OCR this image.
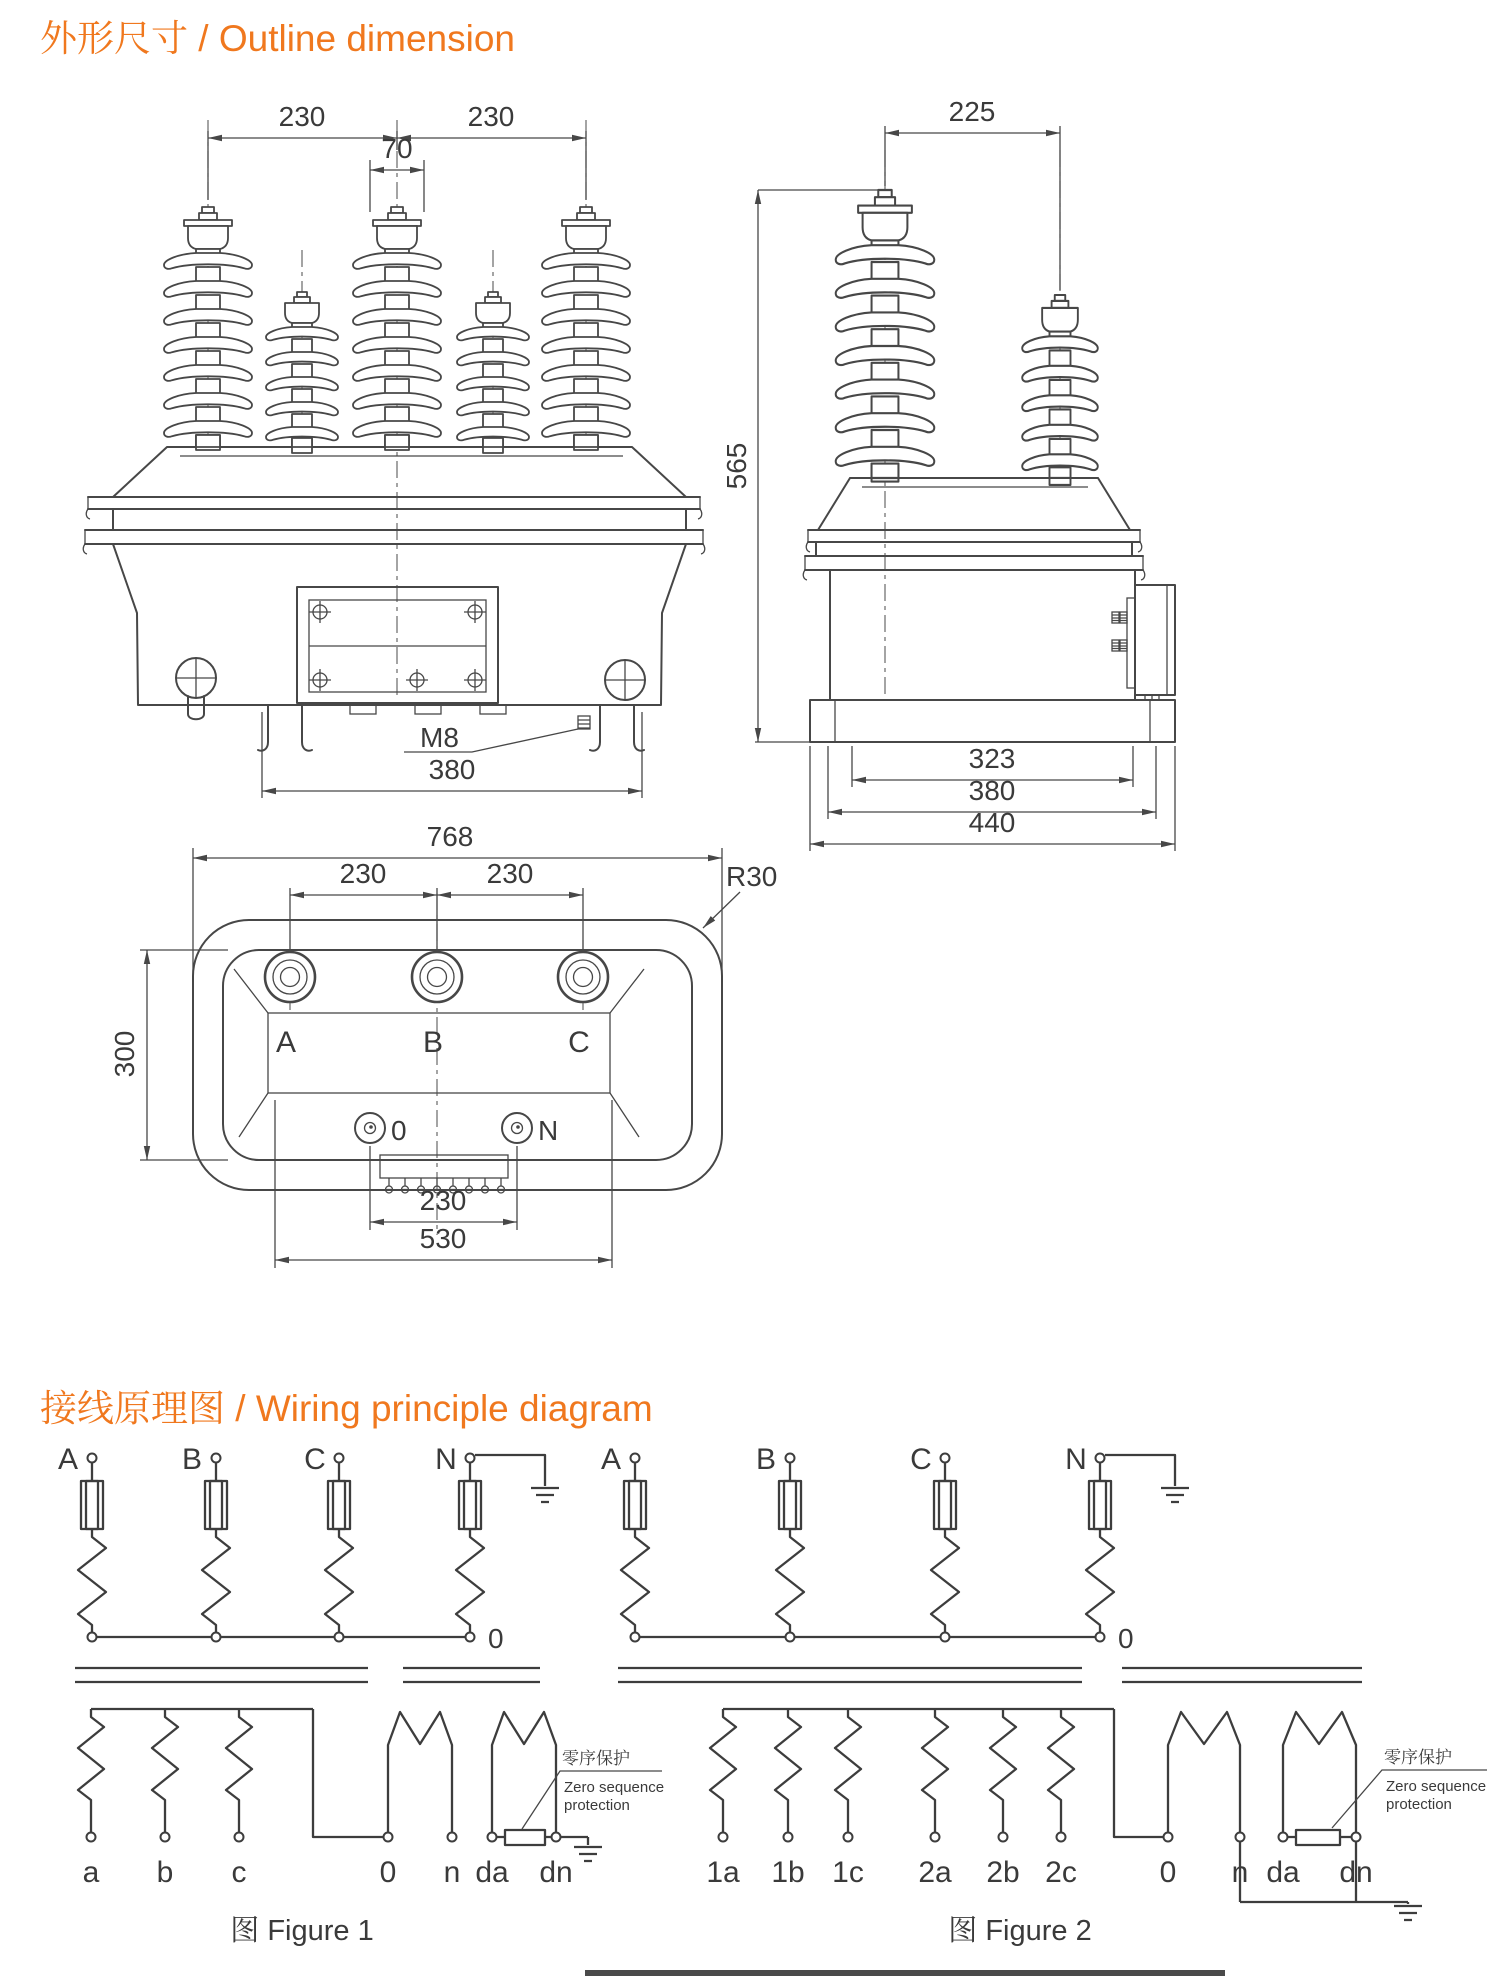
外形尺寸 / Outline dimension
接线原理图 / Wiring principle diagram
M8
230	230
70
380
225
565
323
380
440
A	B	C
0	N
768
230	230	R30
300
230
530
A	B	C	N
0
a b c	0 n da dn
零序保护
Zero sequence
protection
图 Figure 1
A	B	C	N
0
1a 1b 1c 2a 2b 2c	0 n da dn
零序保护
Zero sequence
protection
图 Figure 2
